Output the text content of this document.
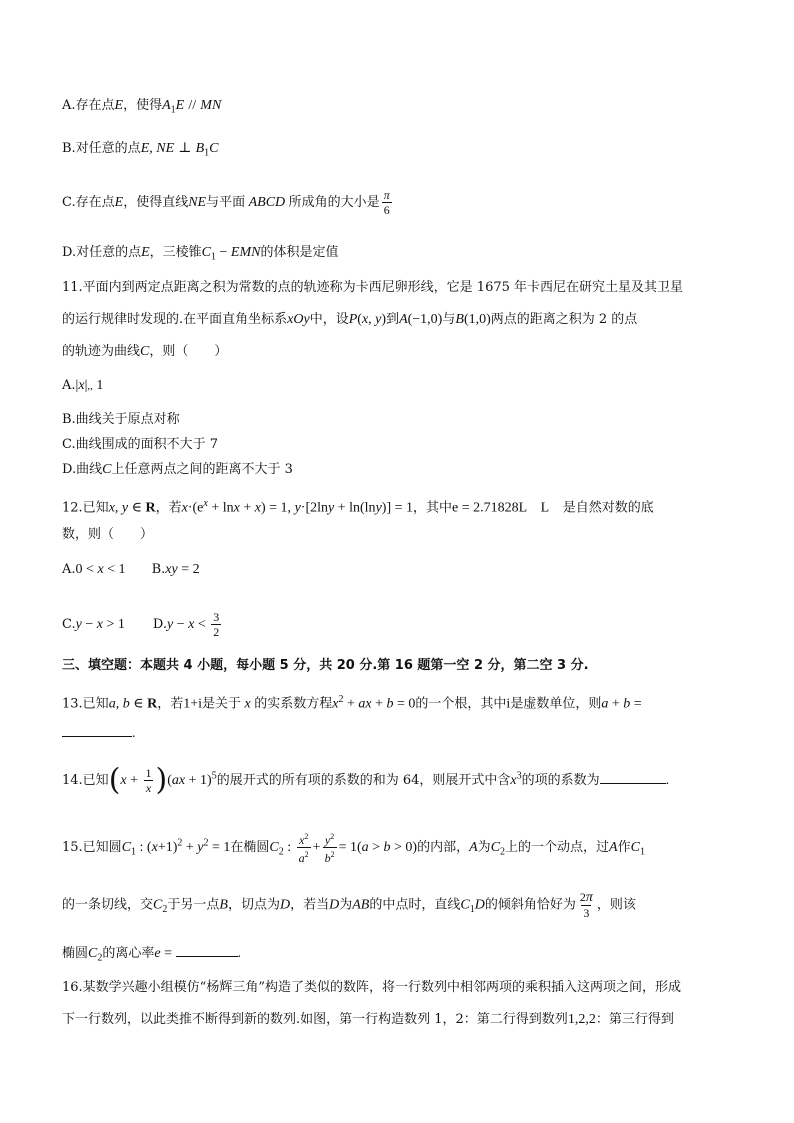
A.存在点E，使得$A_1E$ // MN
B.对任意的点E, NE ⊥ $B_1C$
C.存在点E，使得直线NE与平面 ABCD 所成角的大小是 $\frac{\pi}{6}$
D.对任意的点E，三棱锥$C_1$ − EMN的体积是定值
11.平面内到两定点距离之积为常数的点的轨迹称为卡西尼卵形线，它是 1675 年卡西尼在研究土星及其卫星
的运行规律时发现的.在平面直角坐标系xOy中，设P(x, y)到A(−1,0)与B(1,0)两点的距离之积为 2 的点
的轨迹为曲线C，则（　　）
A.|x|,, 1
B.曲线关于原点对称
C.曲线围成的面积不大于 7
D.曲线C上任意两点之间的距离不大于 3
12.已知x, y ∈ R，若$x\cdot(e^x + \ln x + x) = 1$, y·[2lny + ln(lny)] = 1，其中e = 2.71828L　L　是自然对数的底
数，则（　　）
A.0 < x < 1 B.xy = 2
C.y − x > 1 $D.y - x < \frac{3}{2}$
三、填空题：本题共 4 小题，每小题 5 分，共 20 分.第 16 题第一空 2 分，第二空 3 分.
13.已知a, b ∈ R，若1+i是关于 x 的实系数方程$x^2$ + ax + b = 0的一个根，其中i是虚数单位，则a + b =
.
14.已知$(x + \frac{1}{x} )(ax + 1)^5$的展开式的所有项的系数的和为 64，则展开式中含$x^3$的项的系数为	.
15.已知圆$C_1$ : $(x+1)^2 + y^2 = 1$在椭圆$C_2$ : $\frac{x^2}{a^2} + \frac{y^2}{b^2} = 1(a > b > 0)$的内部，A为$C_2$上的一个动点，过A作$C_1$
的一条切线，交$C_2$于另一点B，切点为D，若当D为AB的中点时，直线$C_1D$的倾斜角恰好为 $\frac{2\pi}{3}$ ，则该
椭圆$C_2$的离心率e =	.
16.某数学兴趣小组模仿“杨辉三角”构造了类似的数阵，将一行数列中相邻两项的乘积插入这两项之间，形成
下一行数列，以此类推不断得到新的数列.如图，第一行构造数列 1，2：第二行得到数列1,2,2：第三行得到
